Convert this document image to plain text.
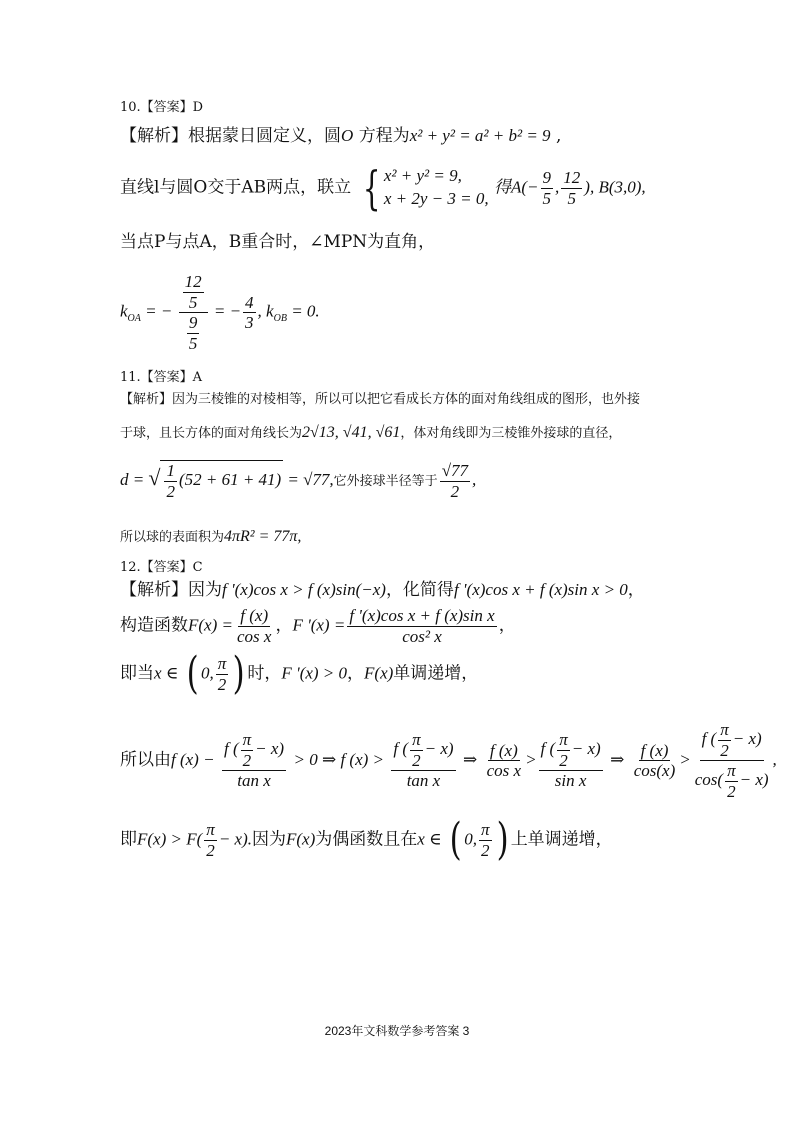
10.【答案】D
【解析】根据蒙日圆定义，圆O 方程为x² + y² = a² + b² = 9 ,
直线l与圆O交于AB两点，联立 { x² + y² = 9,
x + 2y − 3 = 0,
得$A(- \frac{9}{5}$ , $\frac{12}{5}$ ), B(3,0),
当点P与点A，B重合时，∠MPN为直角，
$k_{OA}$ = − $\frac{\frac{12}{5}}{\frac{9}{5}}$ = − $\frac{4}{3}$ , $k_{OB} = 0$.
11.【答案】A
【解析】因为三棱锥的对棱相等，所以可以把它看成长方体的面对角线组成的图形，也外接
于球，且长方体的面对角线长为2√13, √41, √61，体对角线即为三棱锥外接球的直径，
d = √ $\frac{1}{2} (52 + 61 + 41) = √77$,它外接球半径等于 $\frac{√77}{2}$ ,
所以球的表面积为4πR² = 77π,
12.【答案】C
【解析】因为f '(x)cos x > f (x)sin(−x)，化简得f '(x)cos x + f (x)sin x > 0，
构造函数$F(x) = \frac{f (x)}{\text{cos x}}$ ，F '$(x) = \frac{\text{f '(x)cos x + f (x)sin x}}{\text{cos² x}}$ ，
即当x ∈ ( 0, $\frac{\pi}{2}$ ) 时，F '(x) > 0，F(x)单调递增，
所以由f $(x) - \frac{f ( \frac{\pi}{2} - x)}{\text{tan x}} > 0$ ⇒ f $(x) > \frac{f ( \frac{\pi}{2} - x)}{\text{tan x}}$ ⇒ $\frac{f (x)}{\text{cos x}} > \frac{f ( \frac{\pi}{2} - x)}{\text{sin x}}$ ⇒ $\frac{f (x)}{\cos(x)} > \frac{f ( \frac{\pi}{2} - x)}{\cos( \frac{\pi}{2} - x)}$ ,
即$F(x) > F( \frac{\pi}{2} - x)$.因为F(x)为偶函数且在x ∈ ( 0, $\frac{\pi}{2}$ ) 上单调递增，
2023年文科数学参考答案 3
